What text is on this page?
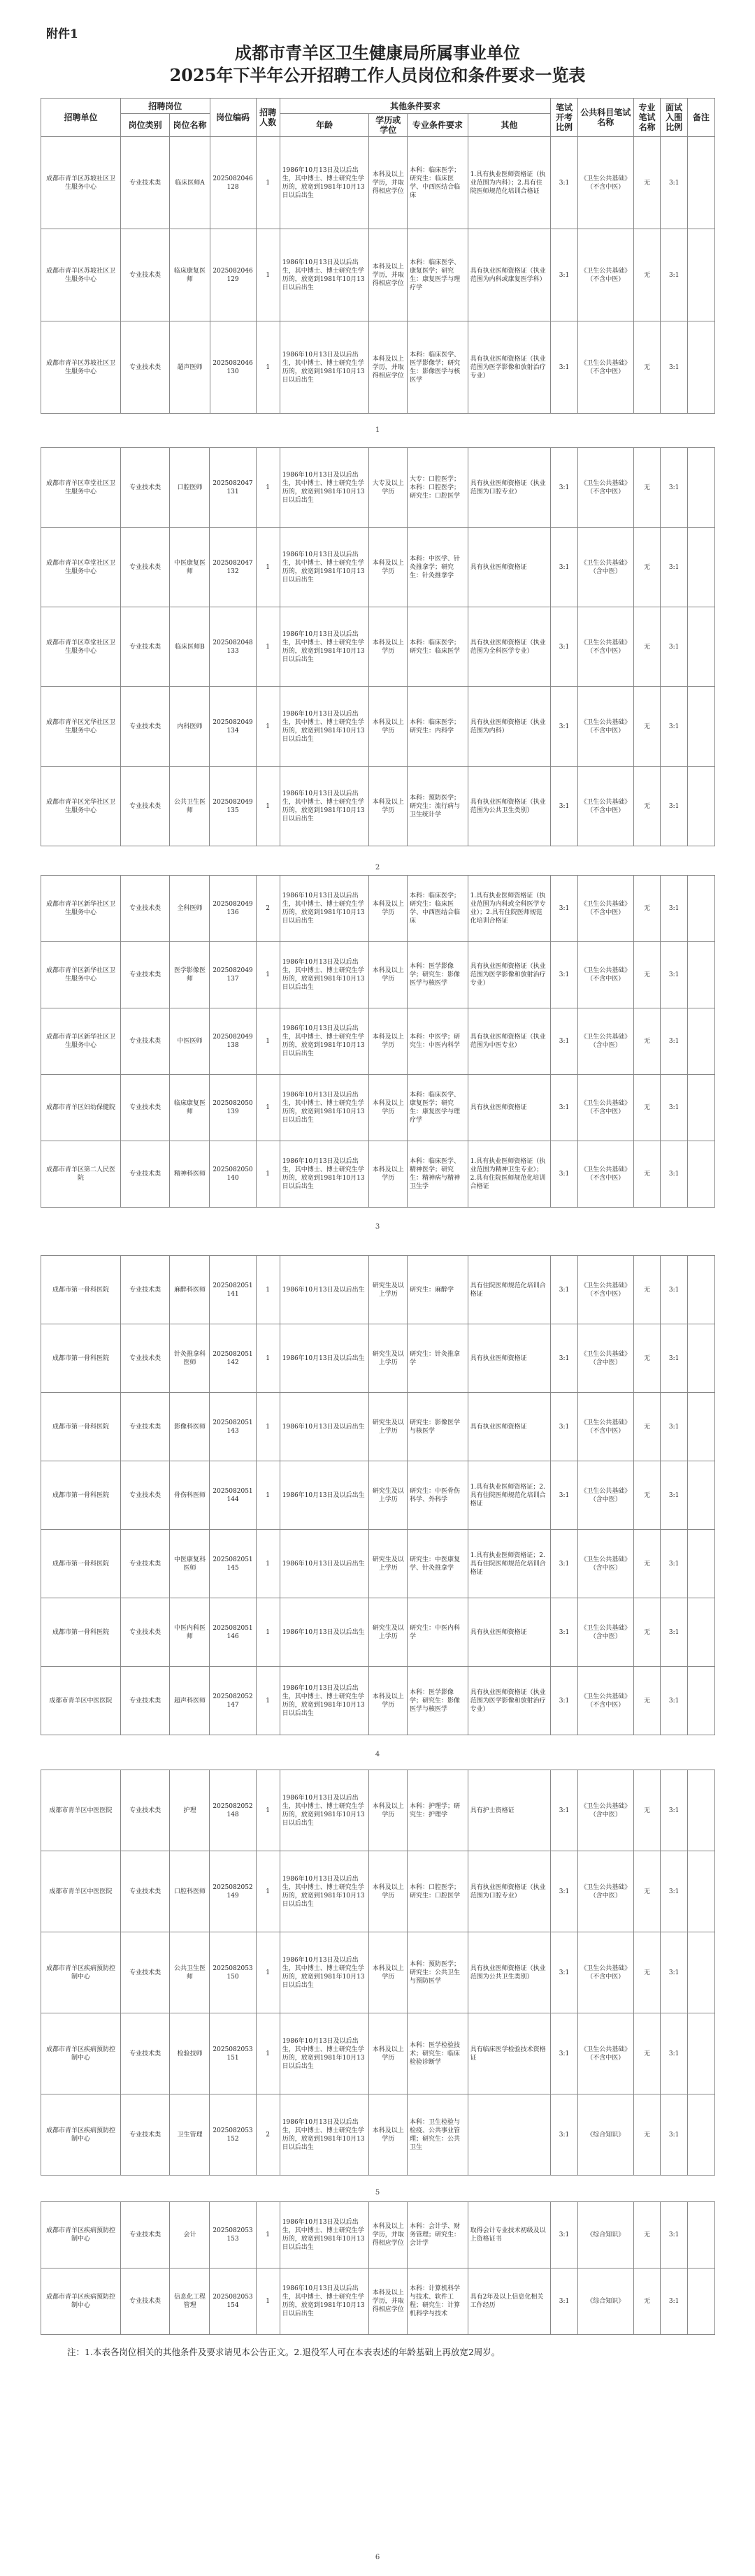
附件1
成都市青羊区卫生健康局所属事业单位
2025年下半年公开招聘工作人员岗位和条件要求一览表
招聘单位	招聘岗位		岗位编码	招聘人数	其他条件要求				笔试开考比例	公共科目笔试名称	专业笔试名称	面试入围比例	备注
	岗位类别	岗位名称			年龄	学历或学位	专业条件要求	其他					
成都市青羊区苏坡社区卫生服务中心	专业技术类	临床医师A	2025082046 128	1	1986年10月13日及以后出生，其中博士、博士研究生学历的，放宽到1981年10月13日以后出生	本科及以上学历，并取得相应学位	本科：临床医学；研究生：临床医学、中西医结合临床	1.具有执业医师资格证（执业范围为内科）；2.具有住院医师规范化培训合格证	3:1	《卫生公共基础》（不含中医）	无	3:1	
成都市青羊区苏坡社区卫生服务中心	专业技术类	临床康复医师	2025082046 129	1	1986年10月13日及以后出生，其中博士、博士研究生学历的，放宽到1981年10月13日以后出生	本科及以上学历，并取得相应学位	本科：临床医学、康复医学；研究生：康复医学与理疗学	具有执业医师资格证（执业范围为内科或康复医学科）	3:1	《卫生公共基础》（不含中医）	无	3:1	
成都市青羊区苏坡社区卫生服务中心	专业技术类	超声医师	2025082046 130	1	1986年10月13日及以后出生，其中博士、博士研究生学历的，放宽到1981年10月13日以后出生	本科及以上学历，并取得相应学位	本科：临床医学、医学影像学；研究生：影像医学与核医学	具有执业医师资格证（执业范围为医学影像和放射治疗专业）	3:1	《卫生公共基础》（不含中医）	无	3:1	
1
成都市青羊区草堂社区卫生服务中心	专业技术类	口腔医师	2025082047 131	1	1986年10月13日及以后出生，其中博士、博士研究生学历的，放宽到1981年10月13日以后出生	大专及以上学历	大专：口腔医学；本科：口腔医学；研究生：口腔医学	具有执业医师资格证（执业范围为口腔专业）	3:1	《卫生公共基础》（不含中医）	无	3:1	
成都市青羊区草堂社区卫生服务中心	专业技术类	中医康复医师	2025082047 132	1	1986年10月13日及以后出生，其中博士、博士研究生学历的，放宽到1981年10月13日以后出生	本科及以上学历	本科：中医学、针灸推拿学；研究生：针灸推拿学	具有执业医师资格证	3:1	《卫生公共基础》（含中医）	无	3:1	
成都市青羊区草堂社区卫生服务中心	专业技术类	临床医师B	2025082048 133	1	1986年10月13日及以后出生，其中博士、博士研究生学历的，放宽到1981年10月13日以后出生	本科及以上学历	本科：临床医学；研究生：临床医学	具有执业医师资格证（执业范围为全科医学专业）	3:1	《卫生公共基础》（不含中医）	无	3:1	
成都市青羊区光华社区卫生服务中心	专业技术类	内科医师	2025082049 134	1	1986年10月13日及以后出生，其中博士、博士研究生学历的，放宽到1981年10月13日以后出生	本科及以上学历	本科：临床医学；研究生：内科学	具有执业医师资格证（执业范围为内科）	3:1	《卫生公共基础》（不含中医）	无	3:1	
成都市青羊区光华社区卫生服务中心	专业技术类	公共卫生医师	2025082049 135	1	1986年10月13日及以后出生，其中博士、博士研究生学历的，放宽到1981年10月13日以后出生	本科及以上学历	本科：预防医学；研究生：流行病与卫生统计学	具有执业医师资格证（执业范围为公共卫生类别）	3:1	《卫生公共基础》（不含中医）	无	3:1	
2
成都市青羊区新华社区卫生服务中心	专业技术类	全科医师	2025082049 136	2	1986年10月13日及以后出生，其中博士、博士研究生学历的，放宽到1981年10月13日以后出生	本科及以上学历	本科：临床医学；研究生：临床医学、中西医结合临床	1.具有执业医师资格证（执业范围为内科或全科医学专业）；2.具有住院医师规范化培训合格证	3:1	《卫生公共基础》（不含中医）	无	3:1	
成都市青羊区新华社区卫生服务中心	专业技术类	医学影像医师	2025082049 137	1	1986年10月13日及以后出生，其中博士、博士研究生学历的，放宽到1981年10月13日以后出生	本科及以上学历	本科：医学影像学；研究生：影像医学与核医学	具有执业医师资格证（执业范围为医学影像和放射治疗专业）	3:1	《卫生公共基础》（不含中医）	无	3:1	
成都市青羊区新华社区卫生服务中心	专业技术类	中医医师	2025082049 138	1	1986年10月13日及以后出生，其中博士、博士研究生学历的，放宽到1981年10月13日以后出生	本科及以上学历	本科：中医学；研究生：中医内科学	具有执业医师资格证（执业范围为中医专业）	3:1	《卫生公共基础》（含中医）	无	3:1	
成都市青羊区妇幼保健院	专业技术类	临床康复医师	2025082050 139	1	1986年10月13日及以后出生，其中博士、博士研究生学历的，放宽到1981年10月13日以后出生	本科及以上学历	本科：临床医学、康复医学；研究生：康复医学与理疗学	具有执业医师资格证	3:1	《卫生公共基础》（不含中医）	无	3:1	
成都市青羊区第二人民医院	专业技术类	精神科医师	2025082050 140	1	1986年10月13日及以后出生，其中博士、博士研究生学历的，放宽到1981年10月13日以后出生	本科及以上学历	本科：临床医学、精神医学；研究生：精神病与精神卫生学	1.具有执业医师资格证（执业范围为精神卫生专业）；2.具有住院医师规范化培训合格证	3:1	《卫生公共基础》（不含中医）	无	3:1	
3
成都市第一骨科医院	专业技术类	麻醉科医师	2025082051 141	1	1986年10月13日及以后出生	研究生及以上学历	研究生：麻醉学	具有住院医师规范化培训合格证	3:1	《卫生公共基础》（不含中医）	无	3:1	
成都市第一骨科医院	专业技术类	针灸推拿科医师	2025082051 142	1	1986年10月13日及以后出生	研究生及以上学历	研究生：针灸推拿学	具有执业医师资格证	3:1	《卫生公共基础》（含中医）	无	3:1	
成都市第一骨科医院	专业技术类	影像科医师	2025082051 143	1	1986年10月13日及以后出生	研究生及以上学历	研究生：影像医学与核医学	具有执业医师资格证	3:1	《卫生公共基础》（不含中医）	无	3:1	
成都市第一骨科医院	专业技术类	骨伤科医师	2025082051 144	1	1986年10月13日及以后出生	研究生及以上学历	研究生：中医骨伤科学、外科学	1.具有执业医师资格证；2.具有住院医师规范化培训合格证	3:1	《卫生公共基础》（含中医）	无	3:1	
成都市第一骨科医院	专业技术类	中医康复科医师	2025082051 145	1	1986年10月13日及以后出生	研究生及以上学历	研究生：中医康复学、针灸推拿学	1.具有执业医师资格证；2.具有住院医师规范化培训合格证	3:1	《卫生公共基础》（含中医）	无	3:1	
成都市第一骨科医院	专业技术类	中医内科医师	2025082051 146	1	1986年10月13日及以后出生	研究生及以上学历	研究生：中医内科学	具有执业医师资格证	3:1	《卫生公共基础》（含中医）	无	3:1	
成都市青羊区中医医院	专业技术类	超声科医师	2025082052 147	1	1986年10月13日及以后出生，其中博士、博士研究生学历的，放宽到1981年10月13日以后出生	本科及以上学历	本科：医学影像学；研究生：影像医学与核医学	具有执业医师资格证（执业范围为医学影像和放射治疗专业）	3:1	《卫生公共基础》（不含中医）	无	3:1	
4
成都市青羊区中医医院	专业技术类	护理	2025082052 148	1	1986年10月13日及以后出生，其中博士、博士研究生学历的，放宽到1981年10月13日以后出生	本科及以上学历	本科：护理学；研究生：护理学	具有护士资格证	3:1	《卫生公共基础》（含中医）	无	3:1	
成都市青羊区中医医院	专业技术类	口腔科医师	2025082052 149	1	1986年10月13日及以后出生，其中博士、博士研究生学历的，放宽到1981年10月13日以后出生	本科及以上学历	本科：口腔医学；研究生：口腔医学	具有执业医师资格证（执业范围为口腔专业）	3:1	《卫生公共基础》（含中医）	无	3:1	
成都市青羊区疾病预防控制中心	专业技术类	公共卫生医师	2025082053 150	1	1986年10月13日及以后出生，其中博士、博士研究生学历的，放宽到1981年10月13日以后出生	本科及以上学历	本科：预防医学；研究生：公共卫生与预防医学	具有执业医师资格证（执业范围为公共卫生类别）	3:1	《卫生公共基础》（不含中医）	无	3:1	
成都市青羊区疾病预防控制中心	专业技术类	检验技师	2025082053 151	1	1986年10月13日及以后出生，其中博士、博士研究生学历的，放宽到1981年10月13日以后出生	本科及以上学历	本科：医学检验技术；研究生：临床检验诊断学	具有临床医学检验技术资格证	3:1	《卫生公共基础》（不含中医）	无	3:1	
成都市青羊区疾病预防控制中心	专业技术类	卫生管理	2025082053 152	2	1986年10月13日及以后出生，其中博士、博士研究生学历的，放宽到1981年10月13日以后出生	本科及以上学历	本科：卫生检验与检疫、公共事业管理；研究生：公共卫生		3:1	《综合知识》	无	3:1	
5
成都市青羊区疾病预防控制中心	专业技术类	会计	2025082053 153	1	1986年10月13日及以后出生，其中博士、博士研究生学历的，放宽到1981年10月13日以后出生	本科及以上学历，并取得相应学位	本科：会计学、财务管理；研究生：会计学	取得会计专业技术初级及以上资格证书	3:1	《综合知识》	无	3:1	
成都市青羊区疾病预防控制中心	专业技术类	信息化工程管理	2025082053 154	1	1986年10月13日及以后出生，其中博士、博士研究生学历的，放宽到1981年10月13日以后出生	本科及以上学历，并取得相应学位	本科：计算机科学与技术、软件工程；研究生：计算机科学与技术	具有2年及以上信息化相关工作经历	3:1	《综合知识》	无	3:1	
6
注：1.本表各岗位相关的其他条件及要求请见本公告正文。2.退役军人可在本表表述的年龄基础上再放宽2周岁。
